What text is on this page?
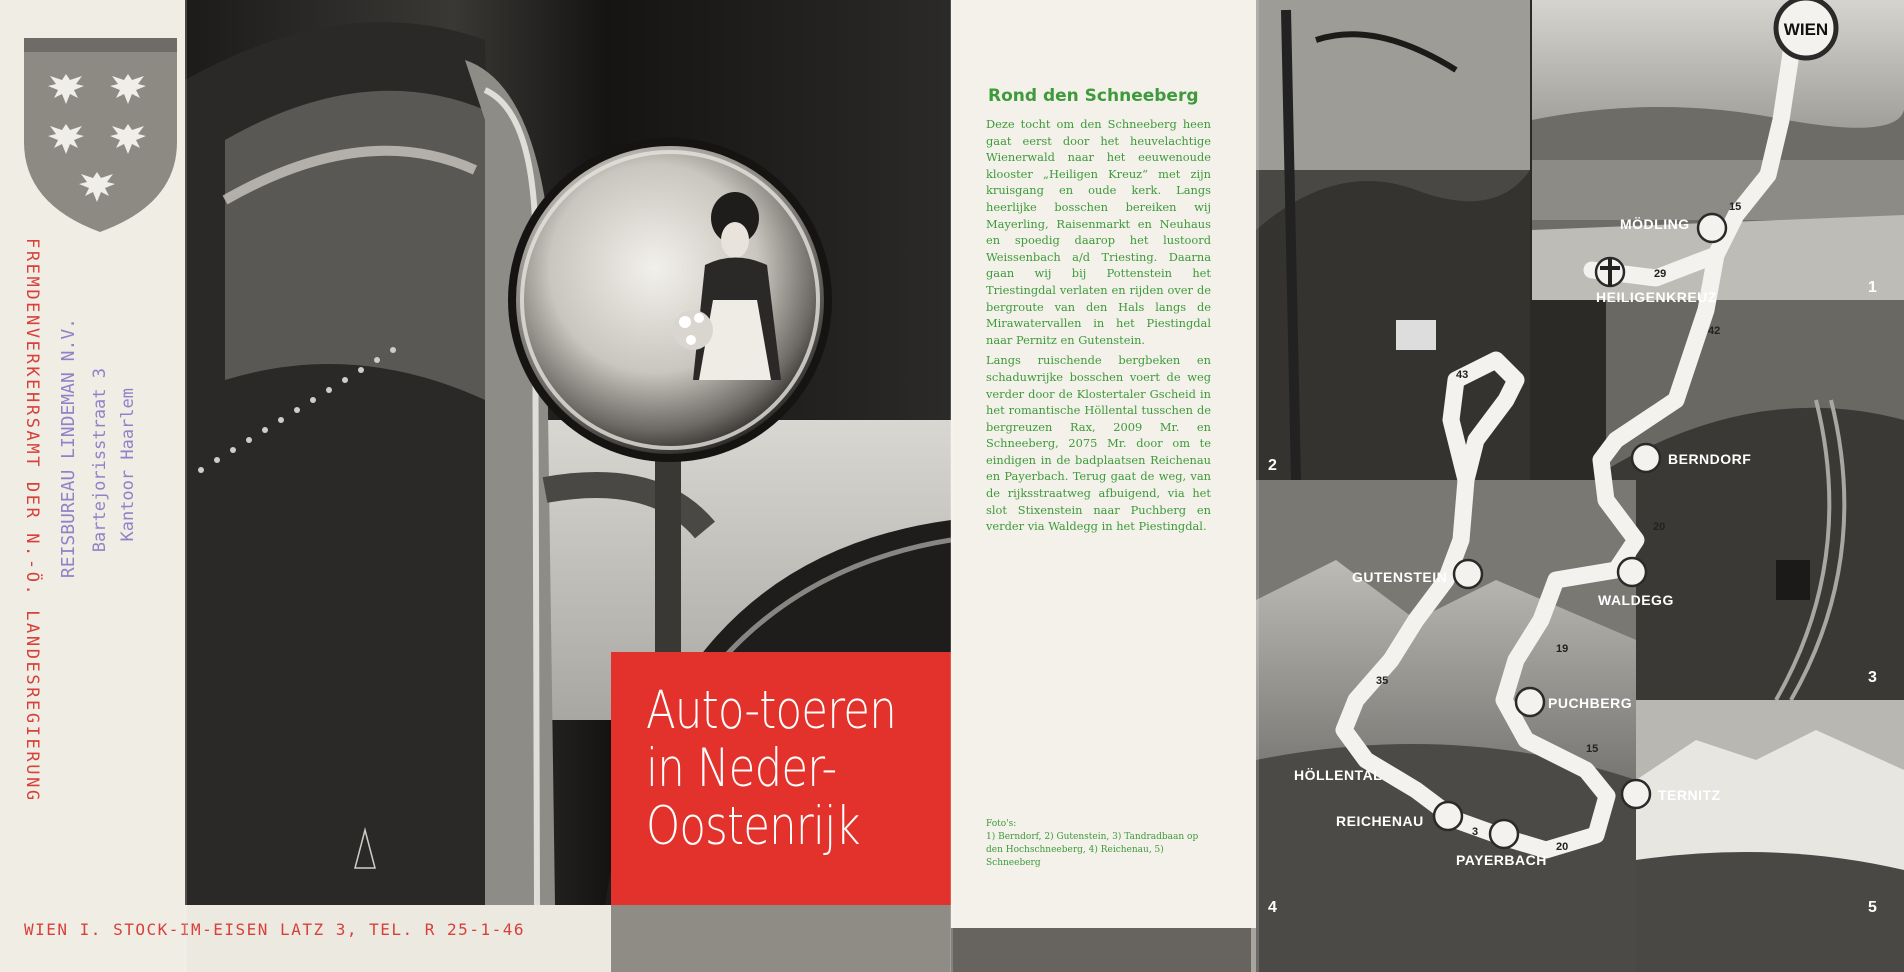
FREMDENVERKEHRSAMT DER N.-Ö. LANDESREGIERUNG REISBUREAU LINDEMAN N.V. Bartejorisstraat 3 Kantoor Haarlem
WIEN I. STOCK-IM-EISEN LATZ 3, TEL. R 25-1-46
Auto-toeren
in Neder-
Oostenrijk
Rond den Schneeberg

Deze tocht om den Schneeberg heen gaat eerst door het heuvelachtige Wienerwald naar het eeuwenoude klooster „Heiligen Kreuz“ met zijn kruisgang en oude kerk. Langs heerlijke bosschen bereiken wij Mayerling, Raisenmarkt en Neuhaus en spoedig daarop het lustoord Weissenbach a/d Triesting. Daarna gaan wij bij Pottenstein het Triestingdal verlaten en rijden over de bergroute van den Hals langs de Mirawatervallen in het Piestingdal naar Pernitz en Gutenstein.

Langs ruischende bergbeken en schaduwrijke bosschen voert de weg verder door de Klostertaler Gscheid in het romantische Höllental tusschen de bergreuzen Rax, 2009 Mr. en Schneeberg, 2075 Mr. door om te eindigen in de badplaatsen Reichenau en Payerbach. Terug gaat de weg, van de rijksstraatweg afbuigend, via het slot Stixenstein naar Puchberg en verder via Waldegg in het Piestingdal.

Foto's:
1) Berndorf, 2) Gutenstein, 3) Tandradbaan op den Hochschneeberg, 4) Reichenau, 5) Schneeberg
WIEN
MÖDLING
HEILIGENKREUZ
BERNDORF
WALDEGG
GUTENSTEIN
PUCHBERG
TERNITZ
HÖLLENTAL
REICHENAU
PAYERBACH
15
29
42
43
20
19
35
15
3
20
1
2
3
4	5
